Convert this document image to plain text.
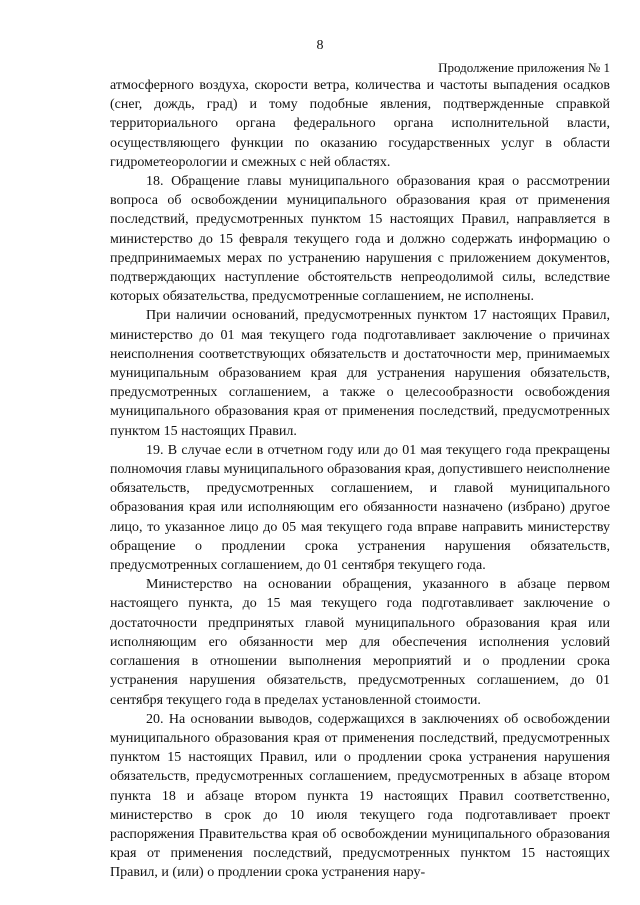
8
Продолжение приложения № 1

атмосферного воздуха, скорости ветра, количества и частоты выпадения осадков (снег, дождь, град) и тому подобные явления, подтвержденные справкой территориального органа федерального органа исполнительной власти, осуществляющего функции по оказанию государственных услуг в области гидрометеорологии и смежных с ней областях.

18. Обращение главы муниципального образования края о рассмотрении вопроса об освобождении муниципального образования края от применения последствий, предусмотренных пунктом 15 настоящих Правил, направляется в министерство до 15 февраля текущего года и должно содержать информацию о предпринимаемых мерах по устранению нарушения с приложением документов, подтверждающих наступление обстоятельств непреодолимой силы, вследствие которых обязательства, предусмотренные соглашением, не исполнены.

При наличии оснований, предусмотренных пунктом 17 настоящих Правил, министерство до 01 мая текущего года подготавливает заключение о причинах неисполнения соответствующих обязательств и достаточности мер, принимаемых муниципальным образованием края для устранения нарушения обязательств, предусмотренных соглашением, а также о целесообразности освобождения муниципального образования края от применения последствий, предусмотренных пунктом 15 настоящих Правил.

19. В случае если в отчетном году или до 01 мая текущего года прекращены полномочия главы муниципального образования края, допустившего неисполнение обязательств, предусмотренных соглашением, и главой муниципального образования края или исполняющим его обязанности назначено (избрано) другое лицо, то указанное лицо до 05 мая текущего года вправе направить министерству обращение о продлении срока устранения нарушения обязательств, предусмотренных соглашением, до 01 сентября текущего года.

Министерство на основании обращения, указанного в абзаце первом настоящего пункта, до 15 мая текущего года подготавливает заключение о достаточности предпринятых главой муниципального образования края или исполняющим его обязанности мер для обеспечения исполнения условий соглашения в отношении выполнения мероприятий и о продлении срока устранения нарушения обязательств, предусмотренных соглашением, до 01 сентября текущего года в пределах установленной стоимости.

20. На основании выводов, содержащихся в заключениях об освобождении муниципального образования края от применения последствий, предусмотренных пунктом 15 настоящих Правил, или о продлении срока устранения нарушения обязательств, предусмотренных соглашением, предусмотренных в абзаце втором пункта 18 и абзаце втором пункта 19 настоящих Правил соответственно, министерство в срок до 10 июля текущего года подготавливает проект распоряжения Правительства края об освобождении муниципального образования края от применения последствий, предусмотренных пунктом 15 настоящих Правил, и (или) о продлении срока устранения нару-
